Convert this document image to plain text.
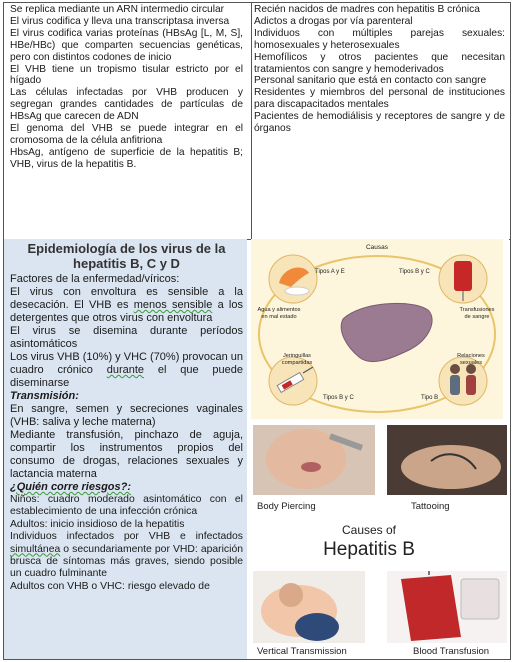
Se replica mediante un ARN intermedio circular

El virus codifica y lleva una transcriptasa inversa

El virus codifica varias proteínas (HBsAg [L, M, S], HBe/HBc) que comparten secuencias genéticas, pero con distintos codones de inicio

El VHB tiene un tropismo tisular estricto por el hígado

Las células infectadas por VHB producen y segregan grandes cantidades de partículas de HBsAg que carecen de ADN

El genoma del VHB se puede integrar en el cromosoma de la célula anfitriona

HbsAg, antígeno de superficie de la hepatitis B; VHB, virus de la hepatitis B.

Recién nacidos de madres con hepatitis B crónica

Adictos a drogas por vía parenteral

Individuos con múltiples parejas sexuales: homosexuales y heterosexuales

Hemofílicos y otros pacientes que necesitan tratamientos con sangre y hemoderivados

Personal sanitario que está en contacto con sangre

Residentes y miembros del personal de instituciones para discapacitados mentales

Pacientes de hemodiálisis y receptores de sangre y de órganos

Epidemiología de los virus de la
hepatitis B, C y D

Factores de la enfermedad/víricos:

El virus con envoltura es sensible a la desecación. El VHB es menos sensible a los detergentes que otros virus con envoltura

El virus se disemina durante períodos asintomáticos

Los virus VHB (10%) y VHC (70%) provocan un cuadro crónico durante el que puede diseminarse

Transmisión:

En sangre, semen y secreciones vaginales (VHB: saliva y leche materna)

Mediante transfusión, pinchazo de aguja, compartir los instrumentos propios del consumo de drogas, relaciones sexuales y lactancia materna

¿Quién corre riesgos?:

Niños: cuadro moderado asintomático con el establecimiento de una infección crónica

Adultos: inicio insidioso de la hepatitis

Individuos infectados por VHB e infectados simultánea o secundariamente por VHD: aparición brusca de síntomas más graves, siendo posible un cuadro fulminante

Adultos con VHB o VHC: riesgo elevado de

Causas
Tipos A y E	Tipos B y C
Agua y alimentos
en mal estado
Transfusiones
de sangre
Jeringuillas
compartidas
Relaciones
sexuales
Tipos B y C	Tipo B
Body Piercing	Tattooing
Causes of
Hepatitis B
Vertical Transmission	Blood Transfusion
